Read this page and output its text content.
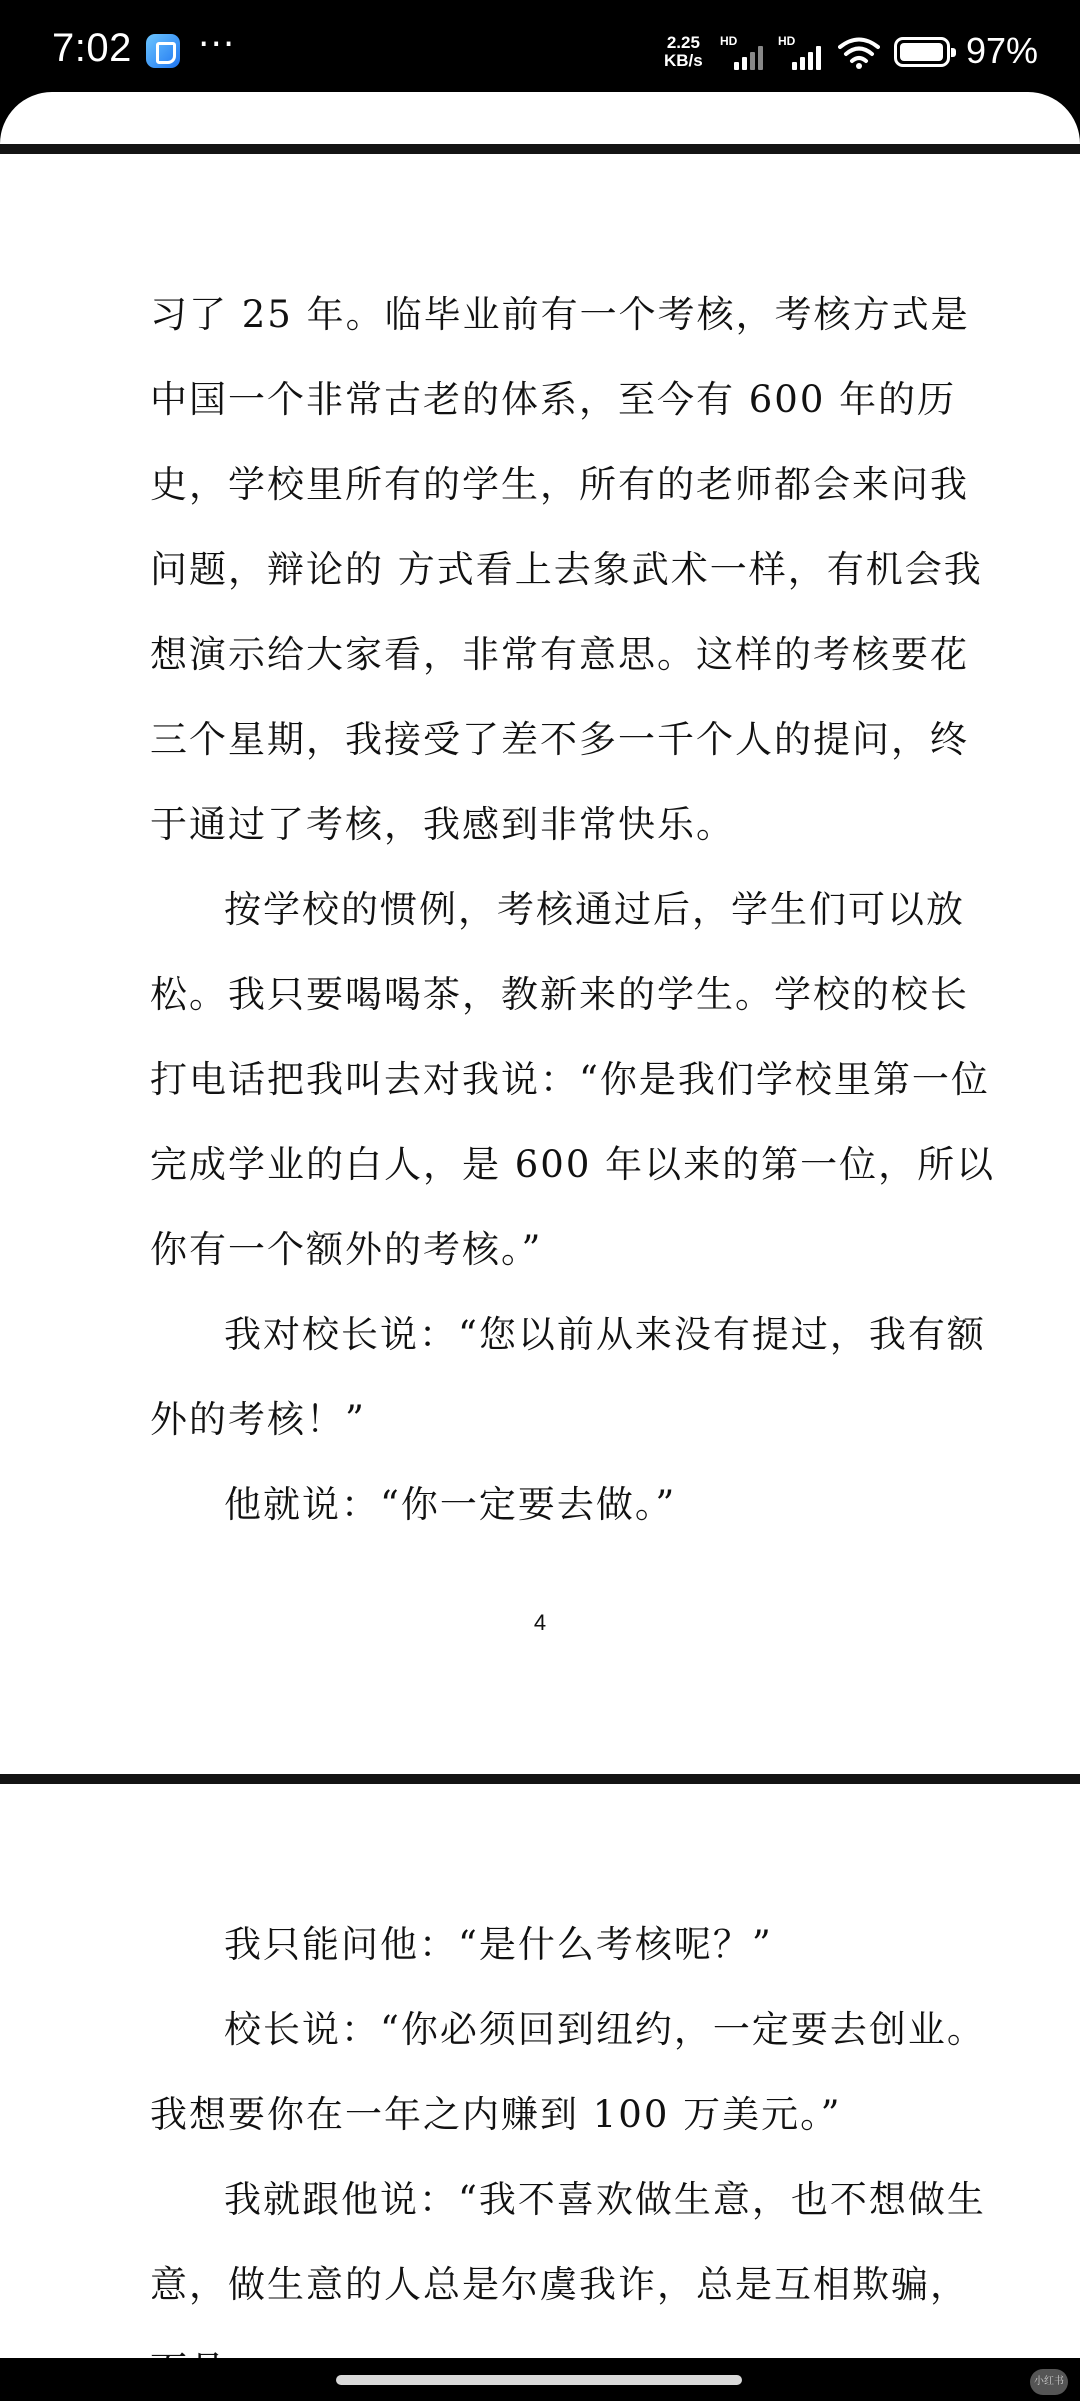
7:02 ···	2.25
KB/s
HD	HD	97%

习了 25 年。临毕业前有一个考核，考核方式是中国一个非常古老的体系，至今有 600 年的历史，学校里所有的学生，所有的老师都会来问我问题，辩论的 方式看上去象武术一样，有机会我想演示给大家看，非常有意思。这样的考核要花三个星期，我接受了差不多一千个人的提问，终于通过了考核，我感到非常快乐。

按学校的惯例，考核通过后，学生们可以放松。我只要喝喝茶，教新来的学生。学校的校长打电话把我叫去对我说：“你是我们学校里第一位完成学业的白人，是 600 年以来的第一位，所以你有一个额外的考核。”

我对校长说：“您以前从来没有提过，我有额外的考核！”

他就说：“你一定要去做。”

4

我只能问他：“是什么考核呢？”

校长说：“你必须回到纽约，一定要去创业。我想要你在一年之内赚到 100 万美元。”

我就跟他说：“我不喜欢做生意，也不想做生意，做生意的人总是尔虞我诈，总是互相欺骗，

小红书
